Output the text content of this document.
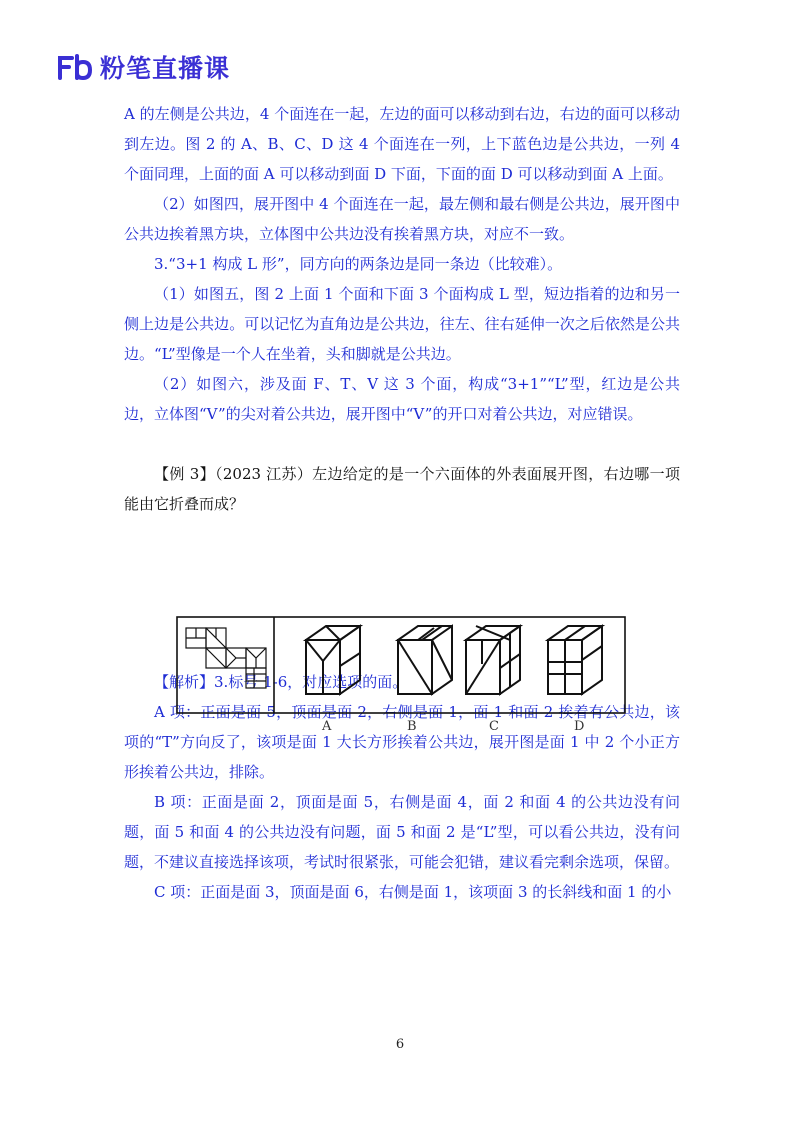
粉笔直播课

A 的左侧是公共边，4 个面连在一起，左边的面可以移动到右边，右边的面可以移动到左边。图 2 的 A、B、C、D 这 4 个面连在一列，上下蓝色边是公共边，一列 4 个面同理，上面的面 A 可以移动到面 D 下面，下面的面 D 可以移动到面 A 上面。

（2）如图四，展开图中 4 个面连在一起，最左侧和最右侧是公共边，展开图中公共边挨着黑方块，立体图中公共边没有挨着黑方块，对应不一致。

3.“3+1 构成 L 形”，同方向的两条边是同一条边（比较难）。

（1）如图五，图 2 上面 1 个面和下面 3 个面构成 L 型，短边指着的边和另一侧上边是公共边。可以记忆为直角边是公共边，往左、往右延伸一次之后依然是公共边。“L”型像是一个人在坐着，头和脚就是公共边。

（2）如图六，涉及面 F、T、V 这 3 个面，构成“3+1”“L”型，红边是公共边，立体图“V”的尖对着公共边，展开图中“V”的开口对着公共边，对应错误。

【例 3】（2023 江苏）左边给定的是一个六面体的外表面展开图，右边哪一项能由它折叠而成？

【解析】3.标号 1-6，对应选项的面。

A 项：正面是面 5，顶面是面 2，右侧是面 1，面 1 和面 2 挨着有公共边，该项的“T”方向反了，该项是面 1 大长方形挨着公共边，展开图是面 1 中 2 个小正方形挨着公共边，排除。

B 项：正面是面 2，顶面是面 5，右侧是面 4，面 2 和面 4 的公共边没有问题，面 5 和面 4 的公共边没有问题，面 5 和面 2 是“L”型，可以看公共边，没有问题，不建议直接选择该项，考试时很紧张，可能会犯错，建议看完剩余选项，保留。

C 项：正面是面 3，顶面是面 6，右侧是面 1，该项面 3 的长斜线和面 1 的小

A	B	C	D
6
